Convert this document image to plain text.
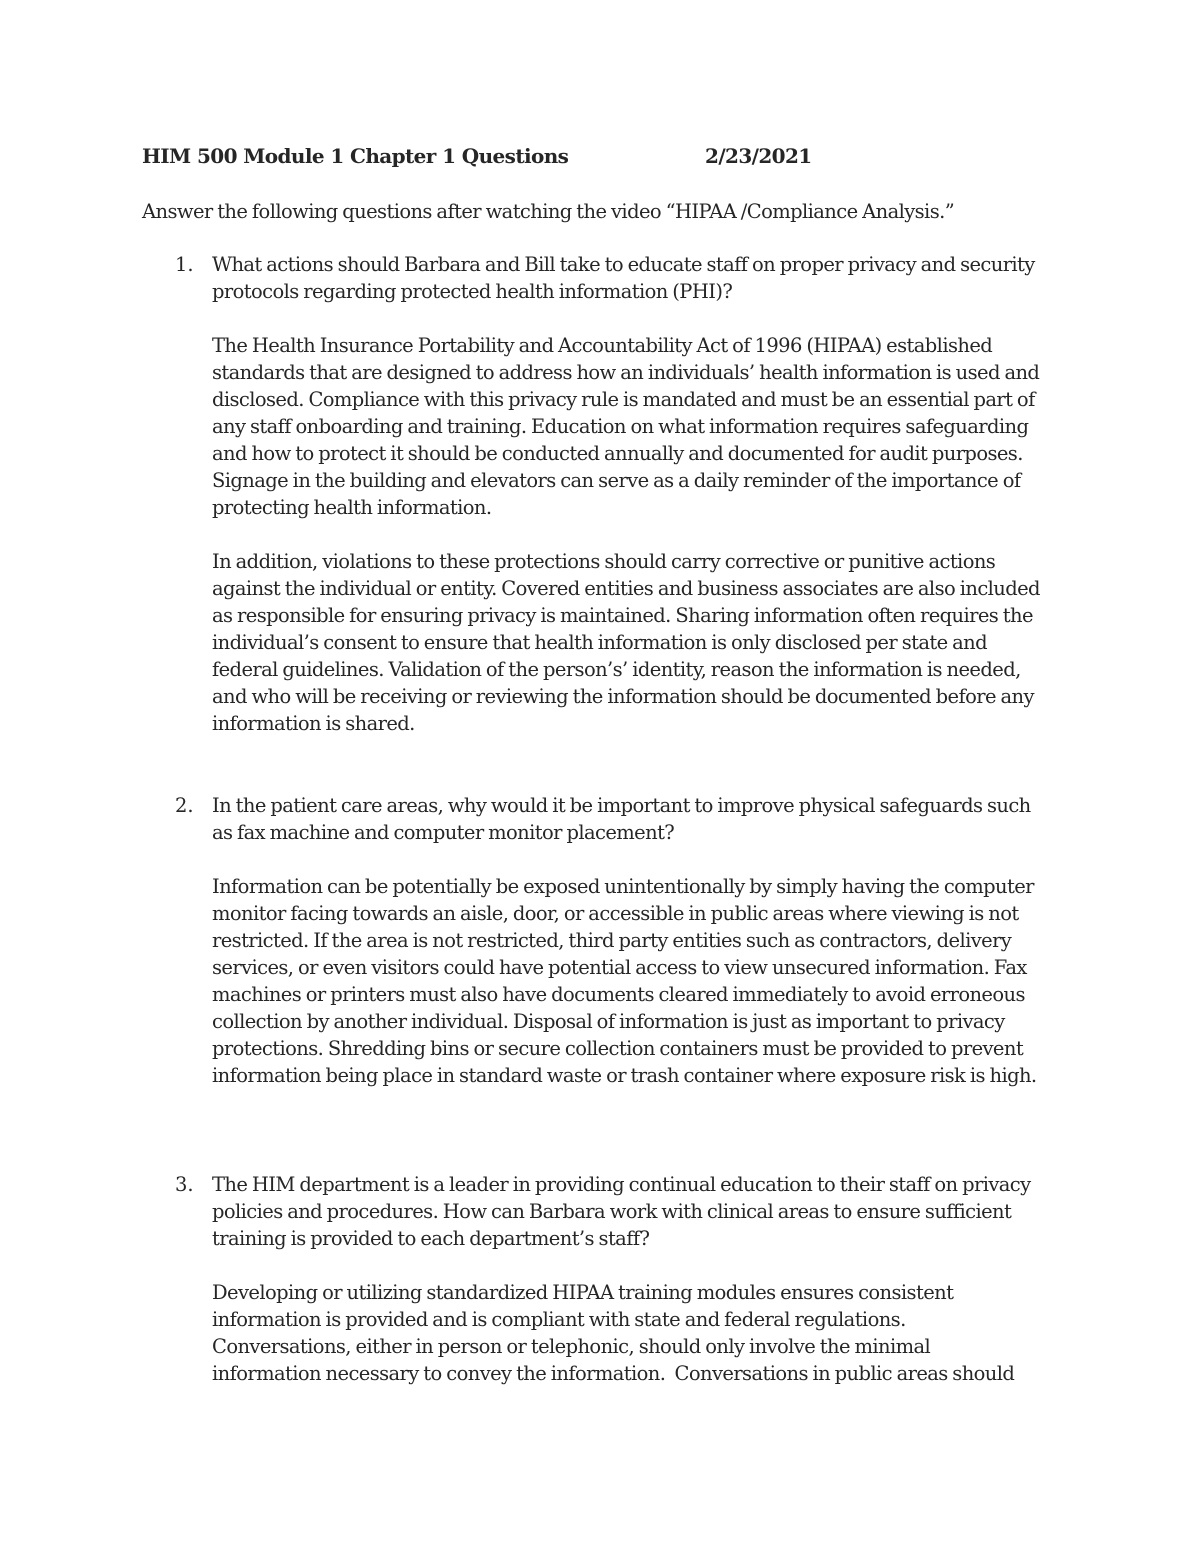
HIM 500 Module 1 Chapter 1 Questions	2/23/2021
Answer the following questions after watching the video “HIPAA /Compliance Analysis.”
1. What actions should Barbara and Bill take to educate staff on proper privacy and security
protocols regarding protected health information (PHI)?
The Health Insurance Portability and Accountability Act of 1996 (HIPAA) established
standards that are designed to address how an individuals’ health information is used and
disclosed. Compliance with this privacy rule is mandated and must be an essential part of
any staff onboarding and training. Education on what information requires safeguarding
and how to protect it should be conducted annually and documented for audit purposes.
Signage in the building and elevators can serve as a daily reminder of the importance of
protecting health information.
In addition, violations to these protections should carry corrective or punitive actions
against the individual or entity. Covered entities and business associates are also included
as responsible for ensuring privacy is maintained. Sharing information often requires the
individual’s consent to ensure that health information is only disclosed per state and
federal guidelines. Validation of the person’s’ identity, reason the information is needed,
and who will be receiving or reviewing the information should be documented before any
information is shared.
2. In the patient care areas, why would it be important to improve physical safeguards such
as fax machine and computer monitor placement?
Information can be potentially be exposed unintentionally by simply having the computer
monitor facing towards an aisle, door, or accessible in public areas where viewing is not
restricted. If the area is not restricted, third party entities such as contractors, delivery
services, or even visitors could have potential access to view unsecured information. Fax
machines or printers must also have documents cleared immediately to avoid erroneous
collection by another individual. Disposal of information is just as important to privacy
protections. Shredding bins or secure collection containers must be provided to prevent
information being place in standard waste or trash container where exposure risk is high.
3. The HIM department is a leader in providing continual education to their staff on privacy
policies and procedures. How can Barbara work with clinical areas to ensure sufficient
training is provided to each department’s staff?
Developing or utilizing standardized HIPAA training modules ensures consistent
information is provided and is compliant with state and federal regulations.
Conversations, either in person or telephonic, should only involve the minimal
information necessary to convey the information.  Conversations in public areas should
